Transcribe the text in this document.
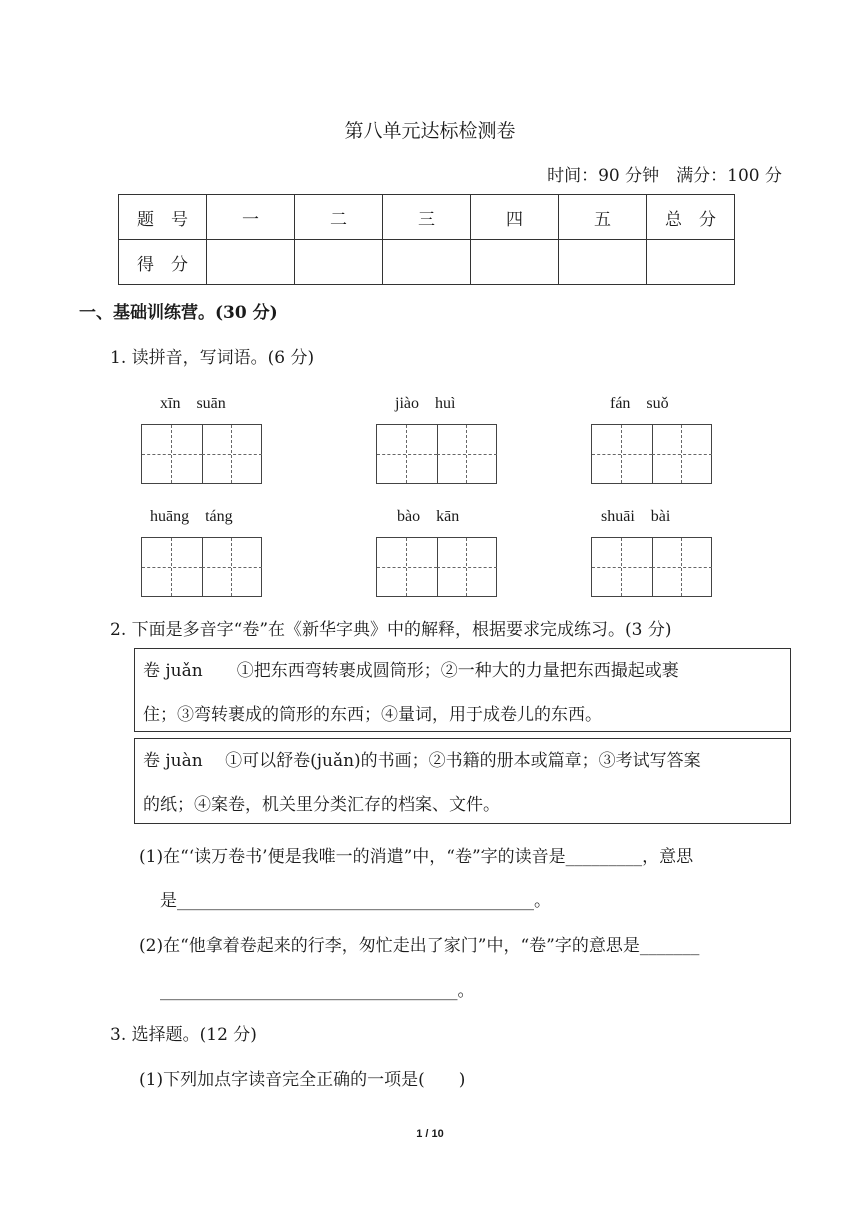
第八单元达标检测卷
时间：90 分钟　满分：100 分
题　号	一	二	三	四	五	总　分
得　分						
一、基础训练营。(30 分)
1. 读拼音，写词语。(6 分)
xīn　suān	jiào　huì	fán　suǒ
huāng　táng	bào　kān	shuāi　bài
2. 下面是多音字“卷”在《新华字典》中的解释，根据要求完成练习。(3 分)
卷 juǎn　　①把东西弯转裹成圆筒形；②一种大的力量把东西撮起或裹
住；③弯转裹成的筒形的东西；④量词，用于成卷儿的东西。
卷 juàn　 ①可以舒卷(juǎn)的书画；②书籍的册本或篇章；③考试写答案
的纸；④案卷，机关里分类汇存的档案、文件。
(1)在“‘读万卷书’便是我唯一的消遣”中，“卷”字的读音是_________，意思
是__________________________________________。
(2)在“他拿着卷起来的行李，匆忙走出了家门”中，“卷”字的意思是_______
___________________________________。
3. 选择题。(12 分)
(1)下列加点字读音完全正确的一项是(　　)
1 / 10
